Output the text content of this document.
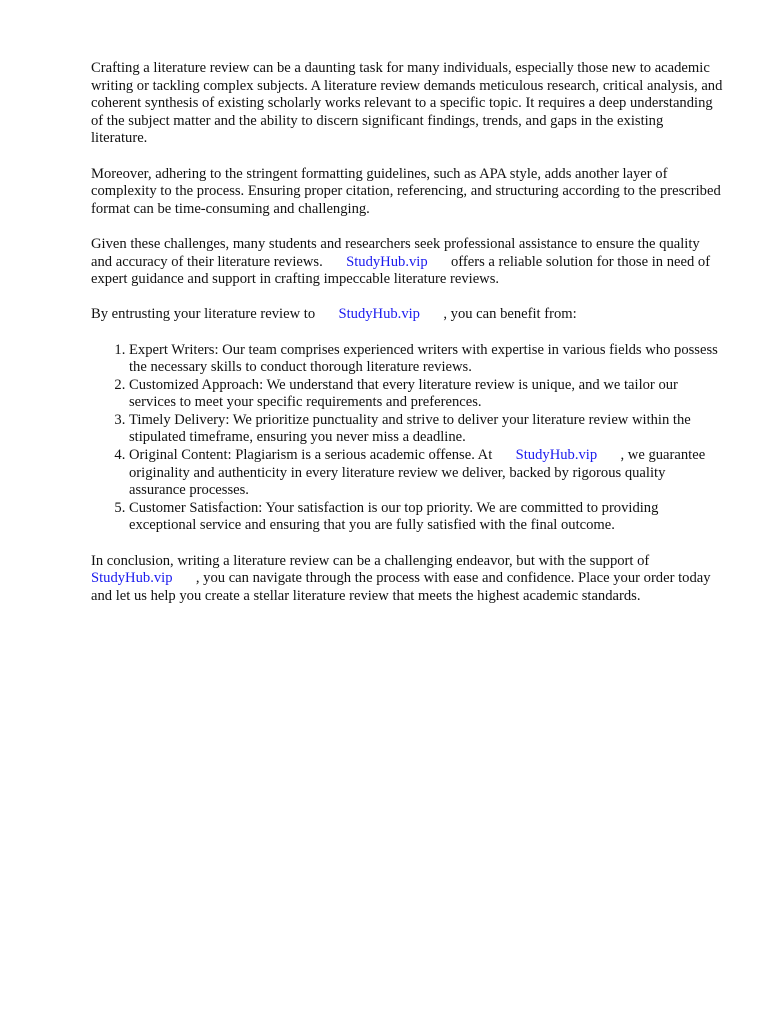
Crafting a literature review can be a daunting task for many individuals, especially those new to academic writing or tackling complex subjects. A literature review demands meticulous research, critical analysis, and coherent synthesis of existing scholarly works relevant to a specific topic. It requires a deep understanding of the subject matter and the ability to discern significant findings, trends, and gaps in the existing literature.

Moreover, adhering to the stringent formatting guidelines, such as APA style, adds another layer of complexity to the process. Ensuring proper citation, referencing, and structuring according to the prescribed format can be time-consuming and challenging.

Given these challenges, many students and researchers seek professional assistance to ensure the quality and accuracy of their literature reviews. StudyHub.vip offers a reliable solution for those in need of expert guidance and support in crafting impeccable literature reviews.

By entrusting your literature review to StudyHub.vip , you can benefit from:

1. Expert Writers: Our team comprises experienced writers with expertise in various fields who possess the necessary skills to conduct thorough literature reviews.
2. Customized Approach: We understand that every literature review is unique, and we tailor our services to meet your specific requirements and preferences.
3. Timely Delivery: We prioritize punctuality and strive to deliver your literature review within the stipulated timeframe, ensuring you never miss a deadline.
4. Original Content: Plagiarism is a serious academic offense. At StudyHub.vip , we guarantee originality and authenticity in every literature review we deliver, backed by rigorous quality assurance processes.
5. Customer Satisfaction: Your satisfaction is our top priority. We are committed to providing exceptional service and ensuring that you are fully satisfied with the final outcome.

In conclusion, writing a literature review can be a challenging endeavor, but with the support of StudyHub.vip , you can navigate through the process with ease and confidence. Place your order today and let us help you create a stellar literature review that meets the highest academic standards.
